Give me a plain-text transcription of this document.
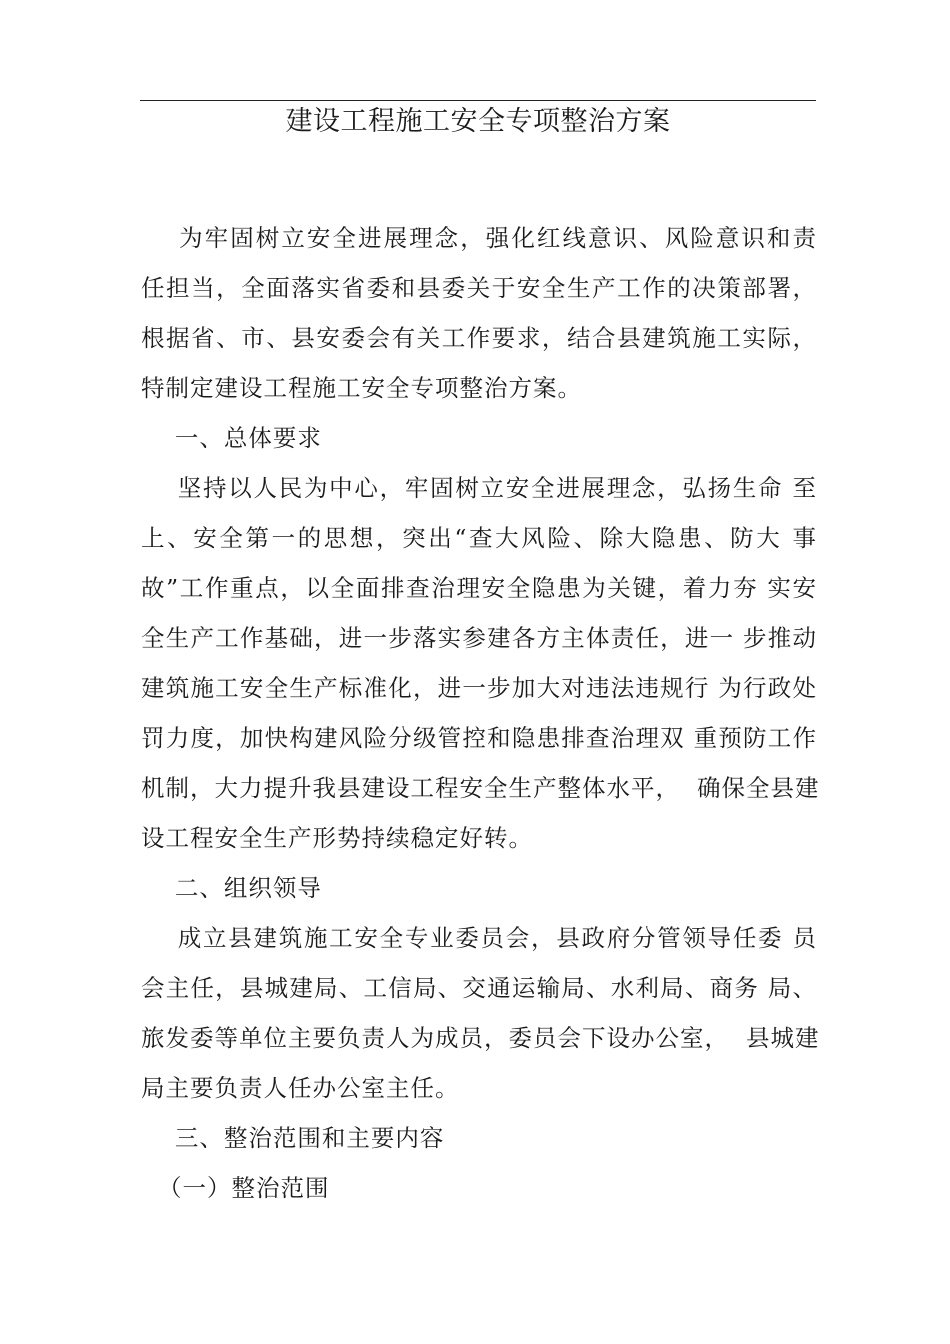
建设工程施工安全专项整治方案
为牢固树立安全进展理念，强化红线意识、风险意识和责
任担当，全面落实省委和县委关于安全生产工作的决策部署，
根据省、市、县安委会有关工作要求，结合县建筑施工实际，
特制定建设工程施工安全专项整治方案。
一、总体要求
坚持以人民为中心，牢固树立安全进展理念，弘扬生命 至
上、安全第一的思想，突出“查大风险、除大隐患、防大 事
故”工作重点，以全面排查治理安全隐患为关键，着力夯 实安
全生产工作基础，进一步落实参建各方主体责任，进一 步推动
建筑施工安全生产标准化，进一步加大对违法违规行 为行政处
罚力度，加快构建风险分级管控和隐患排查治理双 重预防工作
机制，大力提升我县建设工程安全生产整体水平，  确保全县建
设工程安全生产形势持续稳定好转。
二、组织领导
成立县建筑施工安全专业委员会，县政府分管领导任委 员
会主任，县城建局、工信局、交通运输局、水利局、商务 局、
旅发委等单位主要负责人为成员，委员会下设办公室，  县城建
局主要负责人任办公室主任。
三、整治范围和主要内容
（一）整治范围
